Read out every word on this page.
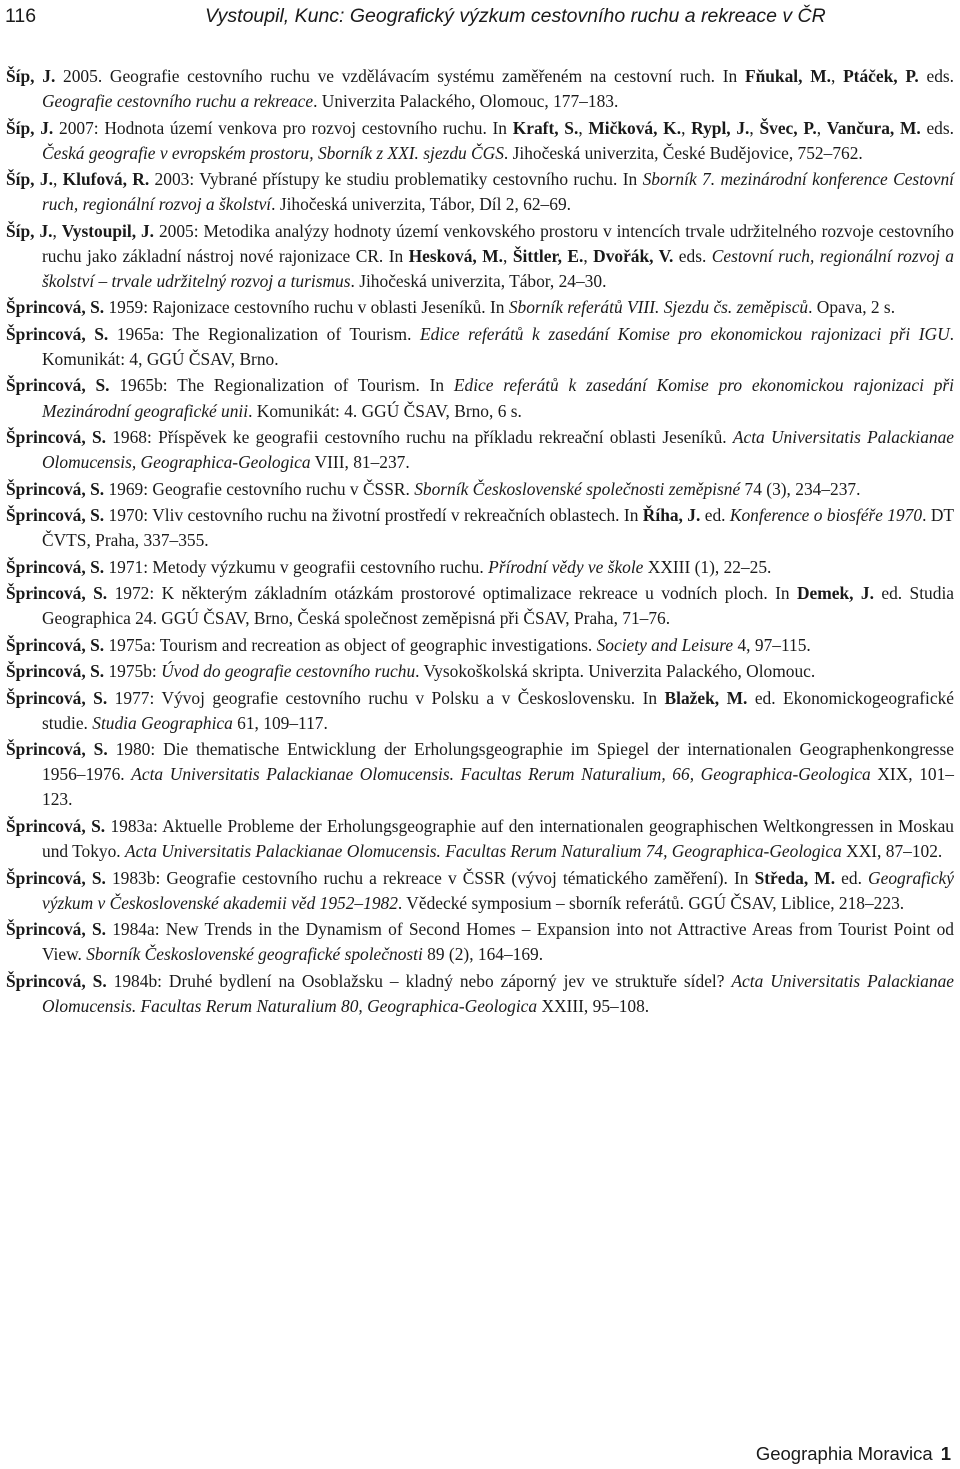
116	Vystoupil, Kunc: Geografický výzkum cestovního ruchu a rekreace v ČR
Šíp, J. 2005. Geografie cestovního ruchu ve vzdělávacím systému zaměřeném na cestovní ruch. In Fňukal, M., Ptáček, P. eds. Geografie cestovního ruchu a rekreace. Univerzita Palackého, Olomouc, 177–183.
Šíp, J. 2007: Hodnota území venkova pro rozvoj cestovního ruchu. In Kraft, S., Mičková, K., Rypl, J., Švec, P., Vančura, M. eds. Česká geografie v evropském prostoru, Sborník z XXI. sjezdu ČGS. Jihočeská univerzita, České Budějovice, 752–762.
Šíp, J., Klufová, R. 2003: Vybrané přístupy ke studiu problematiky cestovního ruchu. In Sborník 7. mezinárodní konference Cestovní ruch, regionální rozvoj a školství. Jihočeská univerzita, Tábor, Díl 2, 62–69.
Šíp, J., Vystoupil, J. 2005: Metodika analýzy hodnoty území venkovského prostoru v intencích trvale udržitelného rozvoje cestovního ruchu jako základní nástroj nové rajonizace CR. In Hesková, M., Šittler, E., Dvořák, V. eds. Cestovní ruch, regionální rozvoj a školství – trvale udržitelný rozvoj a turismus. Jihočeská univerzita, Tábor, 24–30.
Šprincová, S. 1959: Rajonizace cestovního ruchu v oblasti Jeseníků. In Sborník referátů VIII. Sjezdu čs. zeměpisců. Opava, 2 s.
Šprincová, S. 1965a: The Regionalization of Tourism. Edice referátů k zasedání Komise pro ekonomickou rajonizaci při IGU. Komunikát: 4, GGÚ ČSAV, Brno.
Šprincová, S. 1965b: The Regionalization of Tourism. In Edice referátů k zasedání Komise pro ekonomickou rajonizaci při Mezinárodní geografické unii. Komunikát: 4. GGÚ ČSAV, Brno, 6 s.
Šprincová, S. 1968: Příspěvek ke geografii cestovního ruchu na příkladu rekreační oblasti Jeseníků. Acta Universitatis Palackianae Olomucensis, Geographica-Geologica VIII, 81–237.
Šprincová, S. 1969: Geografie cestovního ruchu v ČSSR. Sborník Československé společnosti zeměpisné 74 (3), 234–237.
Šprincová, S. 1970: Vliv cestovního ruchu na životní prostředí v rekreačních oblastech. In Říha, J. ed. Konference o biosféře 1970. DT ČVTS, Praha, 337–355.
Šprincová, S. 1971: Metody výzkumu v geografii cestovního ruchu. Přírodní vědy ve škole XXIII (1), 22–25.
Šprincová, S. 1972: K některým základním otázkám prostorové optimalizace rekreace u vodních ploch. In Demek, J. ed. Studia Geographica 24. GGÚ ČSAV, Brno, Česká společnost zeměpisná při ČSAV, Praha, 71–76.
Šprincová, S. 1975a: Tourism and recreation as object of geographic investigations. Society and Leisure 4, 97–115.
Šprincová, S. 1975b: Úvod do geografie cestovního ruchu. Vysokoškolská skripta. Univerzita Palackého, Olomouc.
Šprincová, S. 1977: Vývoj geografie cestovního ruchu v Polsku a v Československu. In Blažek, M. ed. Ekonomickogeografické studie. Studia Geographica 61, 109–117.
Šprincová, S. 1980: Die thematische Entwicklung der Erholungsgeographie im Spiegel der internationalen Geographenkongresse 1956–1976. Acta Universitatis Palackianae Olomucensis. Facultas Rerum Naturalium, 66, Geographica-Geologica XIX, 101–123.
Šprincová, S. 1983a: Aktuelle Probleme der Erholungsgeographie auf den internationalen geographischen Weltkongressen in Moskau und Tokyo. Acta Universitatis Palackianae Olomucensis. Facultas Rerum Naturalium 74, Geographica-Geologica XXI, 87–102.
Šprincová, S. 1983b: Geografie cestovního ruchu a rekreace v ČSSR (vývoj tématického zaměření). In Středa, M. ed. Geografický výzkum v Československé akademii věd 1952–1982. Vědecké symposium – sborník referátů. GGÚ ČSAV, Liblice, 218–223.
Šprincová, S. 1984a: New Trends in the Dynamism of Second Homes – Expansion into not Attractive Areas from Tourist Point od View. Sborník Československé geografické společnosti 89 (2), 164–169.
Šprincová, S. 1984b: Druhé bydlení na Osoblažsku – kladný nebo záporný jev ve struktuře sídel? Acta Universitatis Palackianae Olomucensis. Facultas Rerum Naturalium 80, Geographica-Geologica XXIII, 95–108.
Geographia Moravica 1
